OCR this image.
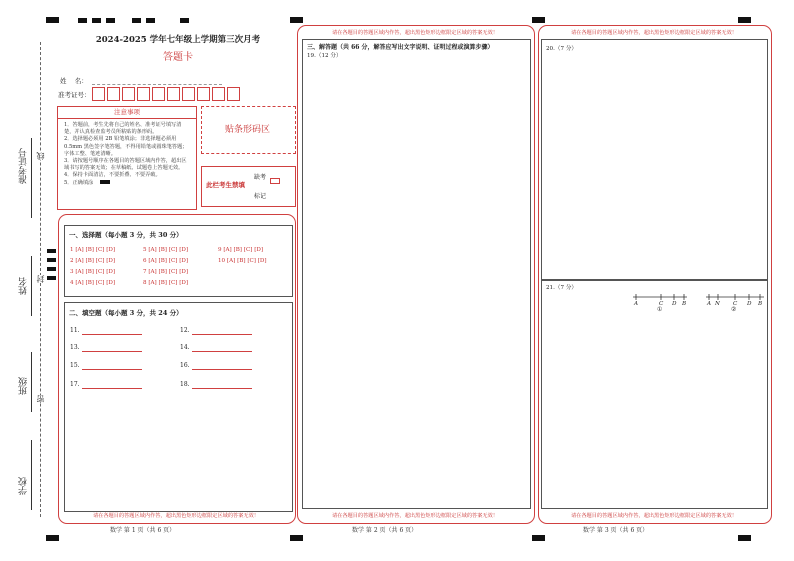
准考证号
姓名
班级
学校
线
封
密
2024-2025 学年七年级上学期第三次月考
答题卡
姓    名：
准考证号：
注意事项
1．答题前，考生先将自己的姓名、准考证号填写清楚，并认真检查监考员所粘贴的条形码。
2．选择题必须用 2B 铅笔填涂；非选择题必须用 0.5mm 黑色签字笔答题，不得用铅笔或圆珠笔答题；字体工整、笔迹清晰。
3．请按题号顺序在各题目的答题区域内作答，超出区域书写的答案无效；在草稿纸、试题卷上答题无效。
4．保持卡面清洁，不要折叠、不要弄破。
5．正确填涂
贴条形码区
此栏考生禁填
缺考
标记
一、选择题（每小题 3 分，共 30 分）
1 [A] [B] [C] [D]
2 [A] [B] [C] [D]
3 [A] [B] [C] [D]
4 [A] [B] [C] [D]
5 [A] [B] [C] [D]
6 [A] [B] [C] [D]
7 [A] [B] [C] [D]
8 [A] [B] [C] [D]
9 [A] [B] [C] [D]
10 [A] [B] [C] [D]
二、填空题（每小题 3 分，共 24 分）
11.	12.
13.	14.
15.	16.
17.	18.
请在各题目的答题区域内作答，超出黑色矩形边框限定区域的答案无效！
数学 第 1 页（共 6 页）
请在各题目的答题区域内作答，超出黑色矩形边框限定区域的答案无效！
三、解答题（共 66 分，解答应写出文字说明、证明过程或演算步骤）
19.（12 分）
请在各题目的答题区域内作答，超出黑色矩形边框限定区域的答案无效！
数学 第 2 页（共 6 页）
请在各题目的答题区域内作答，超出黑色矩形边框限定区域的答案无效！
20.（7 分）
21.（7 分）
A	C D B
①
A N C D B
②
请在各题目的答题区域内作答，超出黑色矩形边框限定区域的答案无效！
数学 第 3 页（共 6 页）
